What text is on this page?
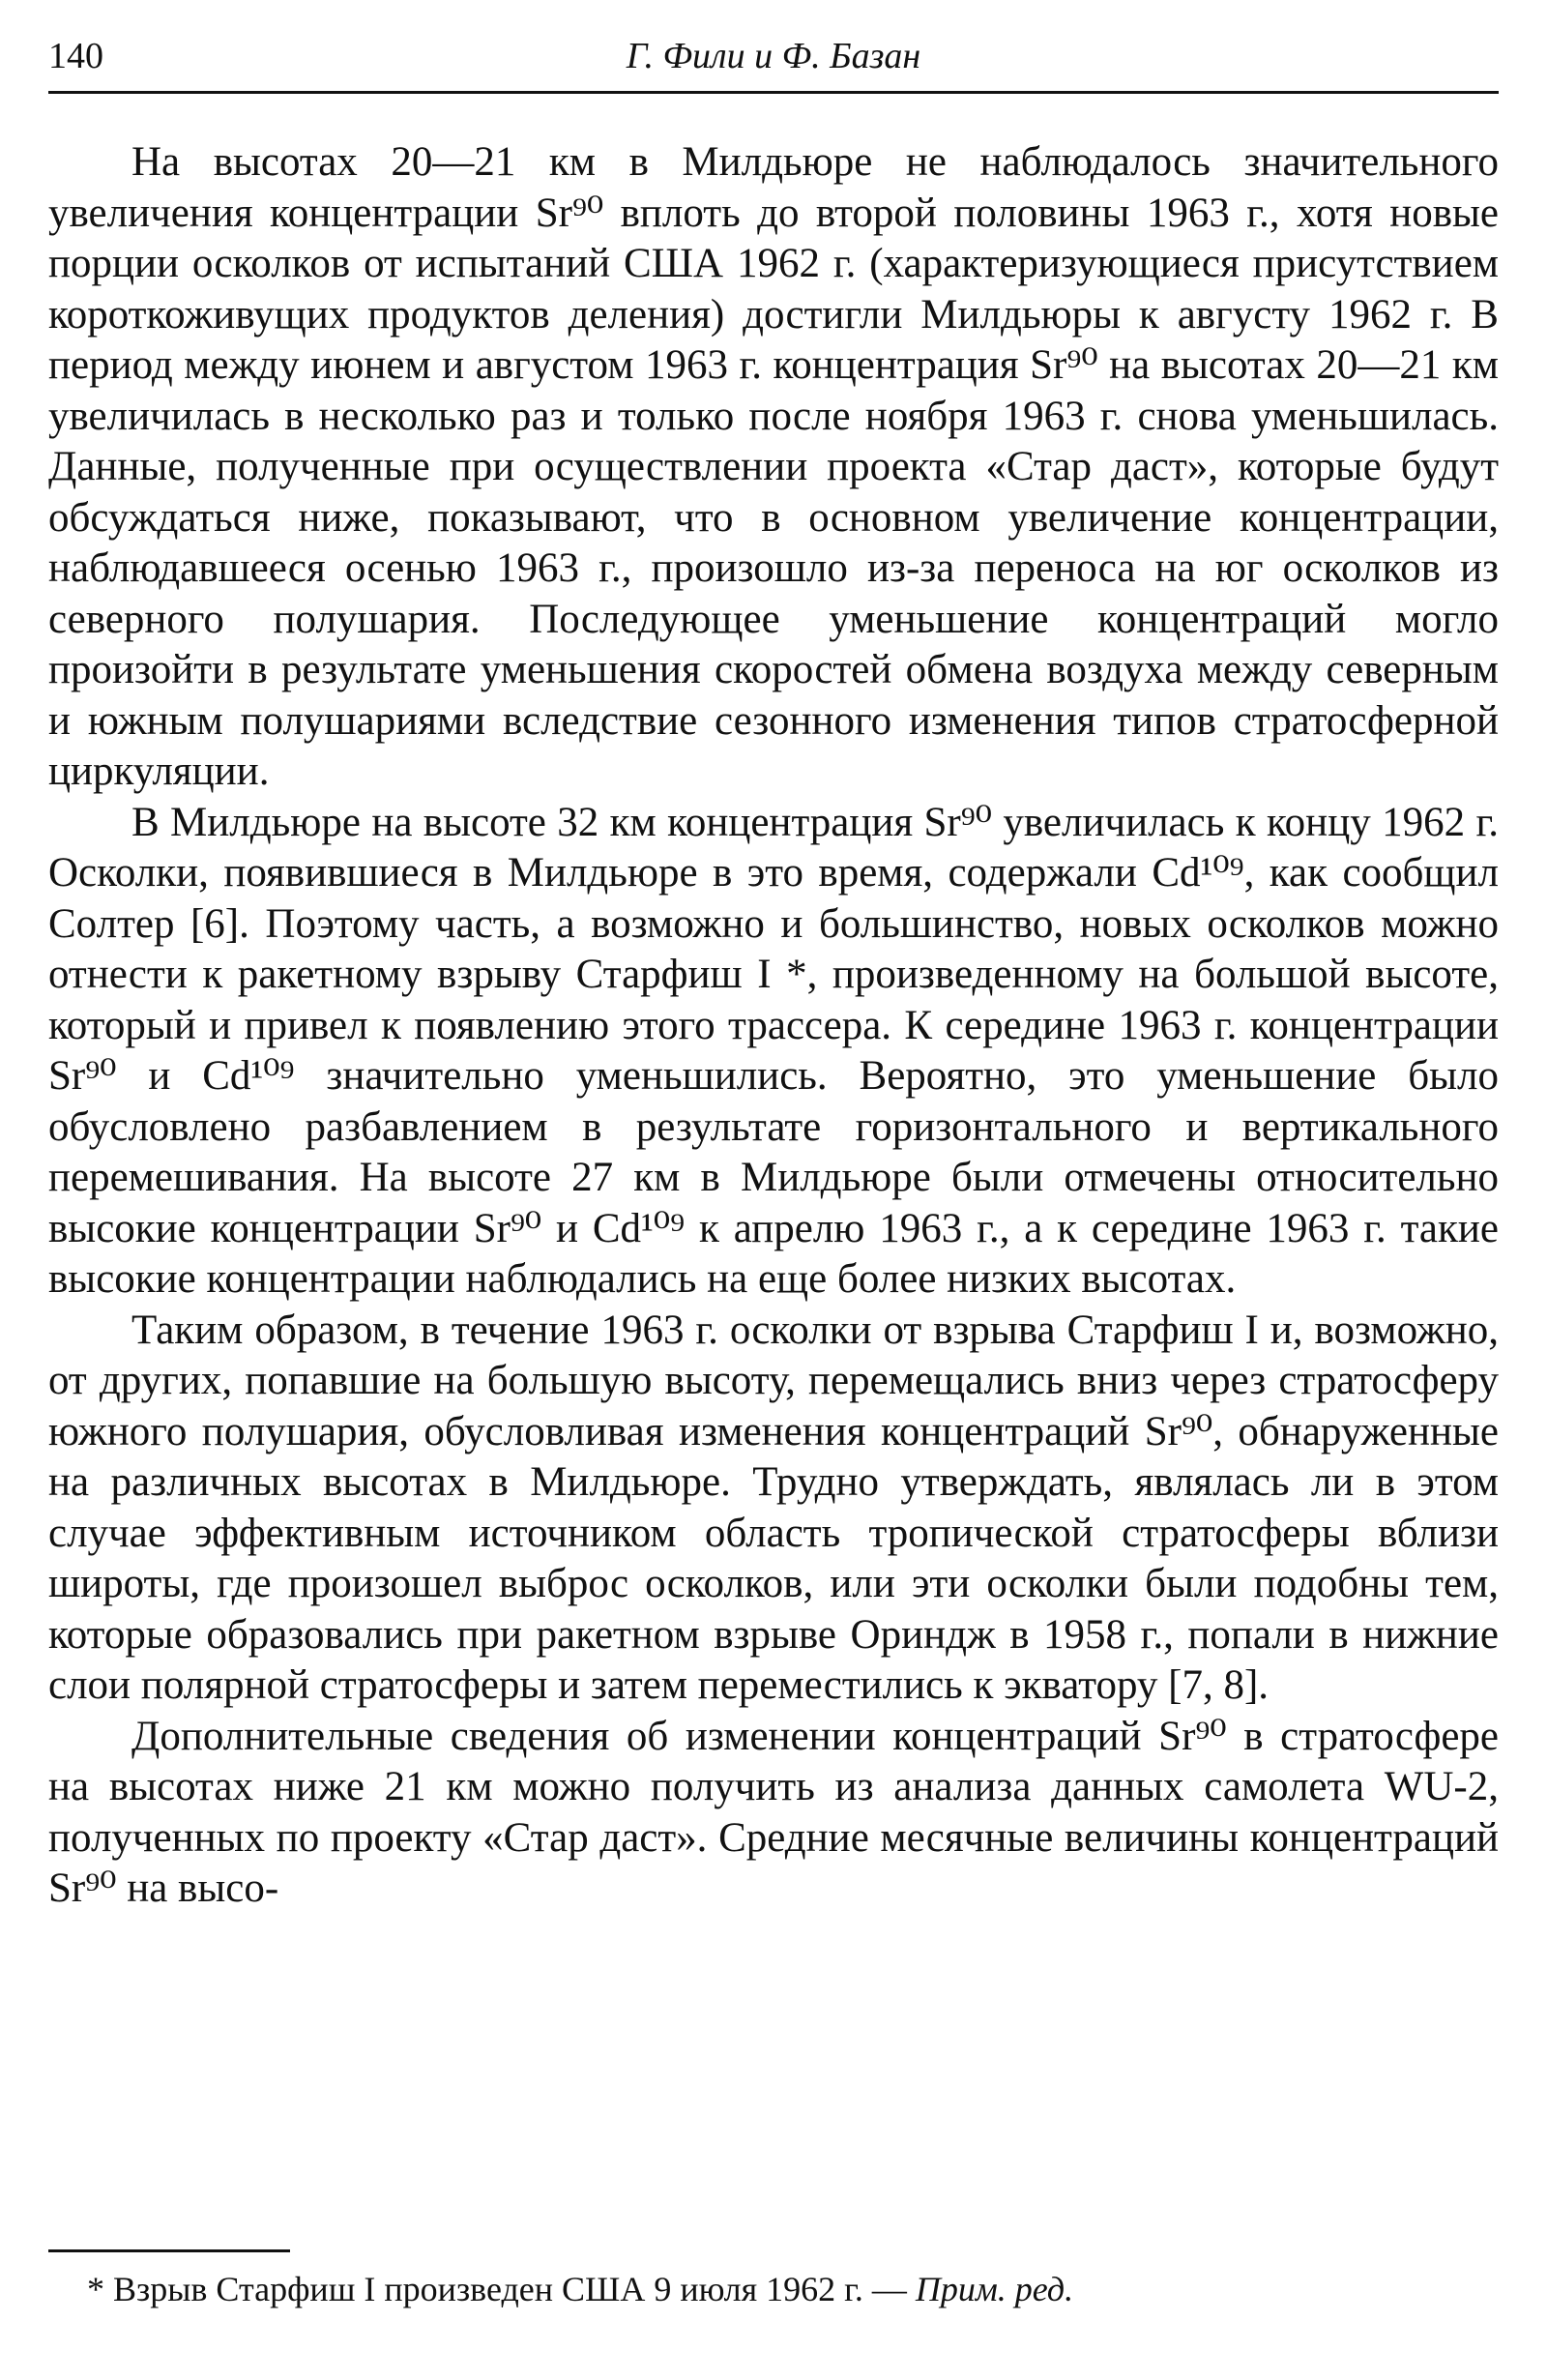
140	Г. Фили и Ф. Базан

На высотах 20—21 км в Милдьюре не наблюдалось значительного увеличения концентрации Sr⁹⁰ вплоть до второй половины 1963 г., хотя новые порции осколков от испытаний США 1962 г. (характеризующиеся присутствием короткоживущих продуктов деления) достигли Милдьюры к августу 1962 г. В период между июнем и августом 1963 г. концентрация Sr⁹⁰ на высотах 20—21 км увеличилась в несколько раз и только после ноября 1963 г. снова уменьшилась. Данные, полученные при осуществлении проекта «Стар даст», которые будут обсуждаться ниже, показывают, что в основном увеличение концентрации, наблюдавшееся осенью 1963 г., произошло из-за переноса на юг осколков из северного полушария. Последующее уменьшение концентраций могло произойти в результате уменьшения скоростей обмена воздуха между северным и южным полушариями вследствие сезонного изменения типов стратосферной циркуляции.

В Милдьюре на высоте 32 км концентрация Sr⁹⁰ увеличилась к концу 1962 г. Осколки, появившиеся в Милдьюре в это время, содержали Cd¹⁰⁹, как сообщил Солтер [6]. Поэтому часть, а возможно и большинство, новых осколков можно отнести к ракетному взрыву Старфиш I *, произведенному на большой высоте, который и привел к появлению этого трассера. К середине 1963 г. концентрации Sr⁹⁰ и Cd¹⁰⁹ значительно уменьшились. Вероятно, это уменьшение было обусловлено разбавлением в результате горизонтального и вертикального перемешивания. На высоте 27 км в Милдьюре были отмечены относительно высокие концентрации Sr⁹⁰ и Cd¹⁰⁹ к апрелю 1963 г., а к середине 1963 г. такие высокие концентрации наблюдались на еще более низких высотах.

Таким образом, в течение 1963 г. осколки от взрыва Старфиш I и, возможно, от других, попавшие на большую высоту, перемещались вниз через стратосферу южного полушария, обусловливая изменения концентраций Sr⁹⁰, обнаруженные на различных высотах в Милдьюре. Трудно утверждать, являлась ли в этом случае эффективным источником область тропической стратосферы вблизи широты, где произошел выброс осколков, или эти осколки были подобны тем, которые образовались при ракетном взрыве Ориндж в 1958 г., попали в нижние слои полярной стратосферы и затем переместились к экватору [7, 8].

Дополнительные сведения об изменении концентраций Sr⁹⁰ в стратосфере на высотах ниже 21 км можно получить из анализа данных самолета WU-2, полученных по проекту «Стар даст». Средние месячные величины концентраций Sr⁹⁰ на высо-

* Взрыв Старфиш I произведен США 9 июля 1962 г. — Прим. ред.
